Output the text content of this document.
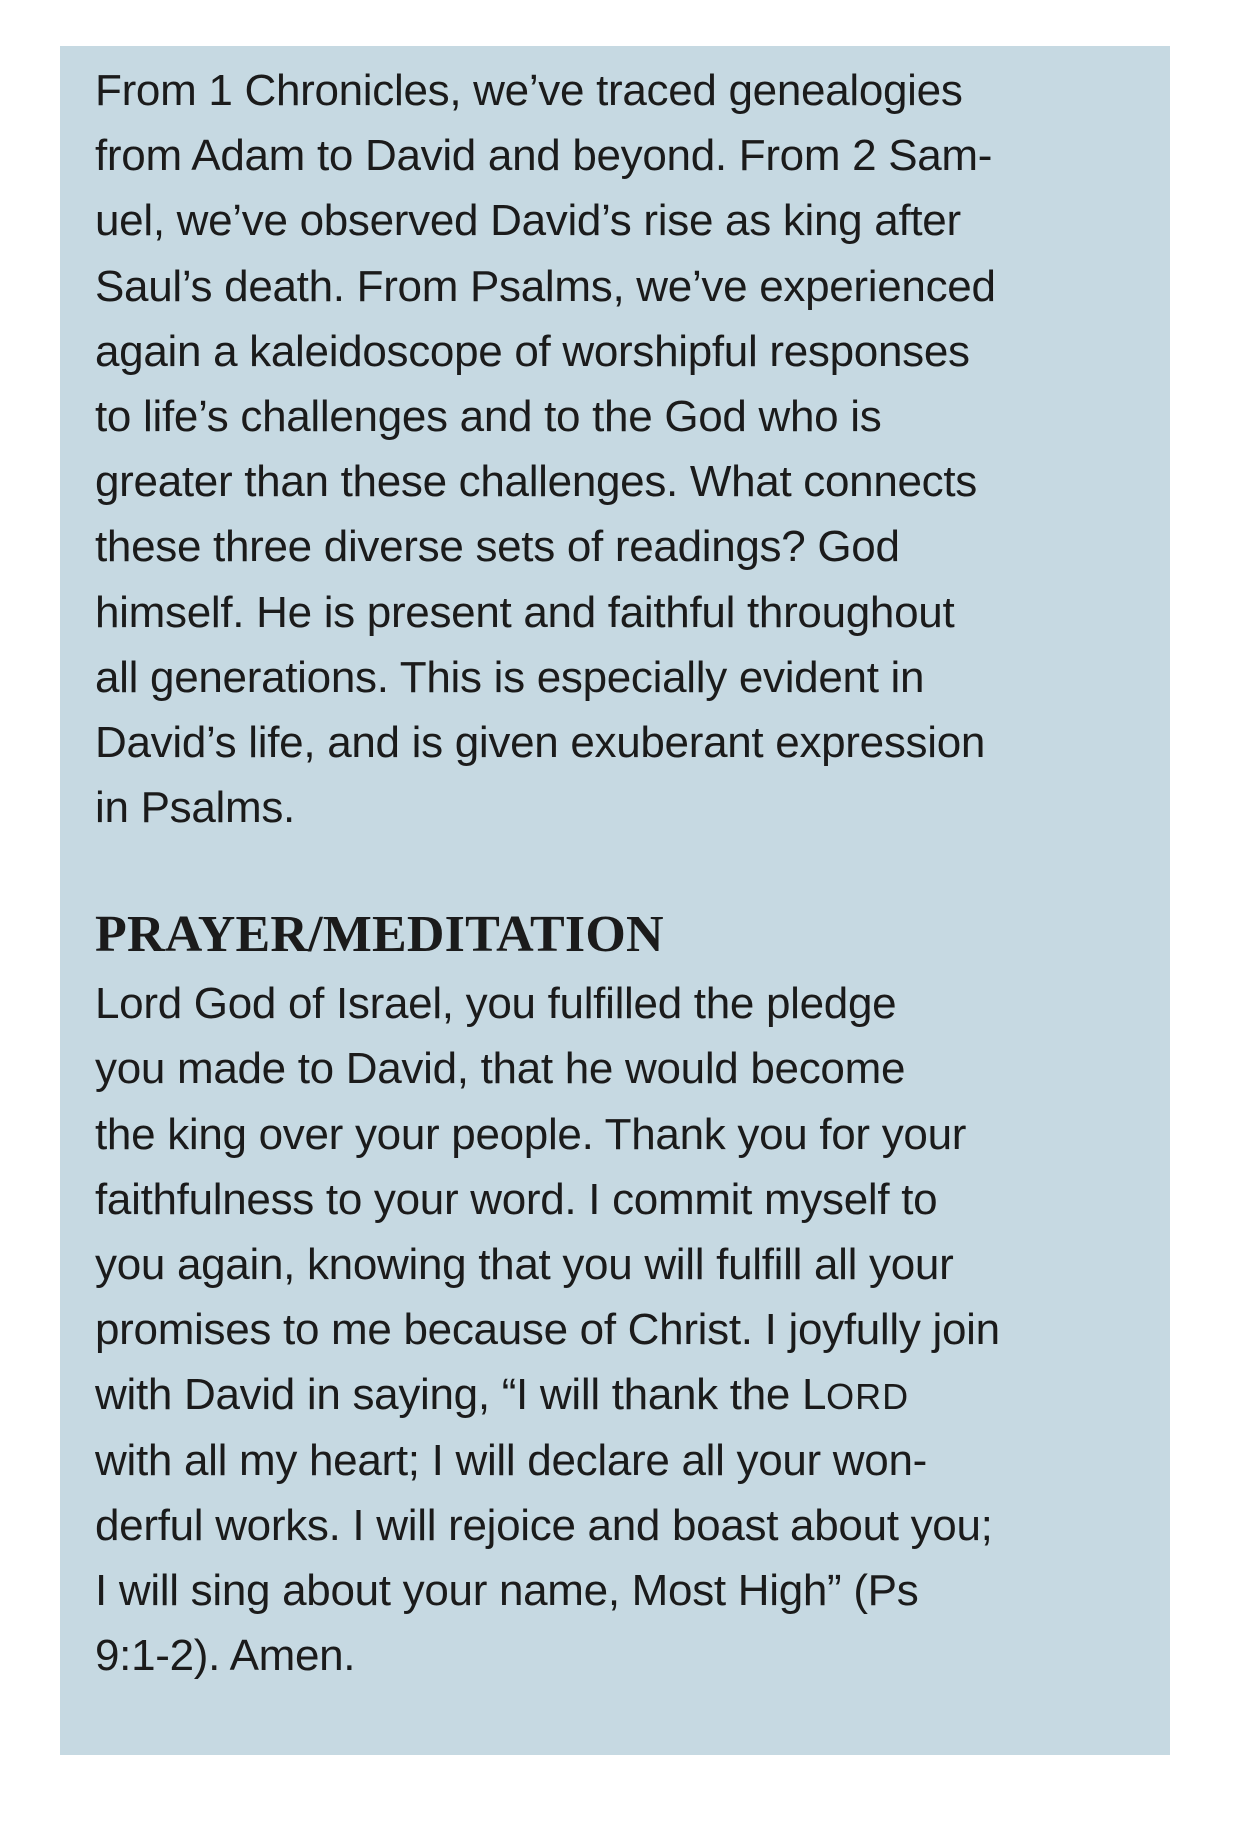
From 1 Chronicles, we’ve traced genealogies
from Adam to David and beyond. From 2 Sam-
uel, we’ve observed David’s rise as king after
Saul’s death. From Psalms, we’ve experienced
again a kaleidoscope of worshipful responses
to life’s challenges and to the God who is
greater than these challenges. What connects
these three diverse sets of readings? God
himself. He is present and faithful throughout
all generations. This is especially evident in
David’s life, and is given exuberant expression
in Psalms.
PRAYER/MEDITATION
Lord God of Israel, you fulfilled the pledge
you made to David, that he would become
the king over your people. Thank you for your
faithfulness to your word. I commit myself to
you again, knowing that you will fulfill all your
promises to me because of Christ. I joyfully join
with David in saying, “I will thank the LORD
with all my heart; I will declare all your won-
derful works. I will rejoice and boast about you;
I will sing about your name, Most High” (Ps
9:1-2). Amen.
